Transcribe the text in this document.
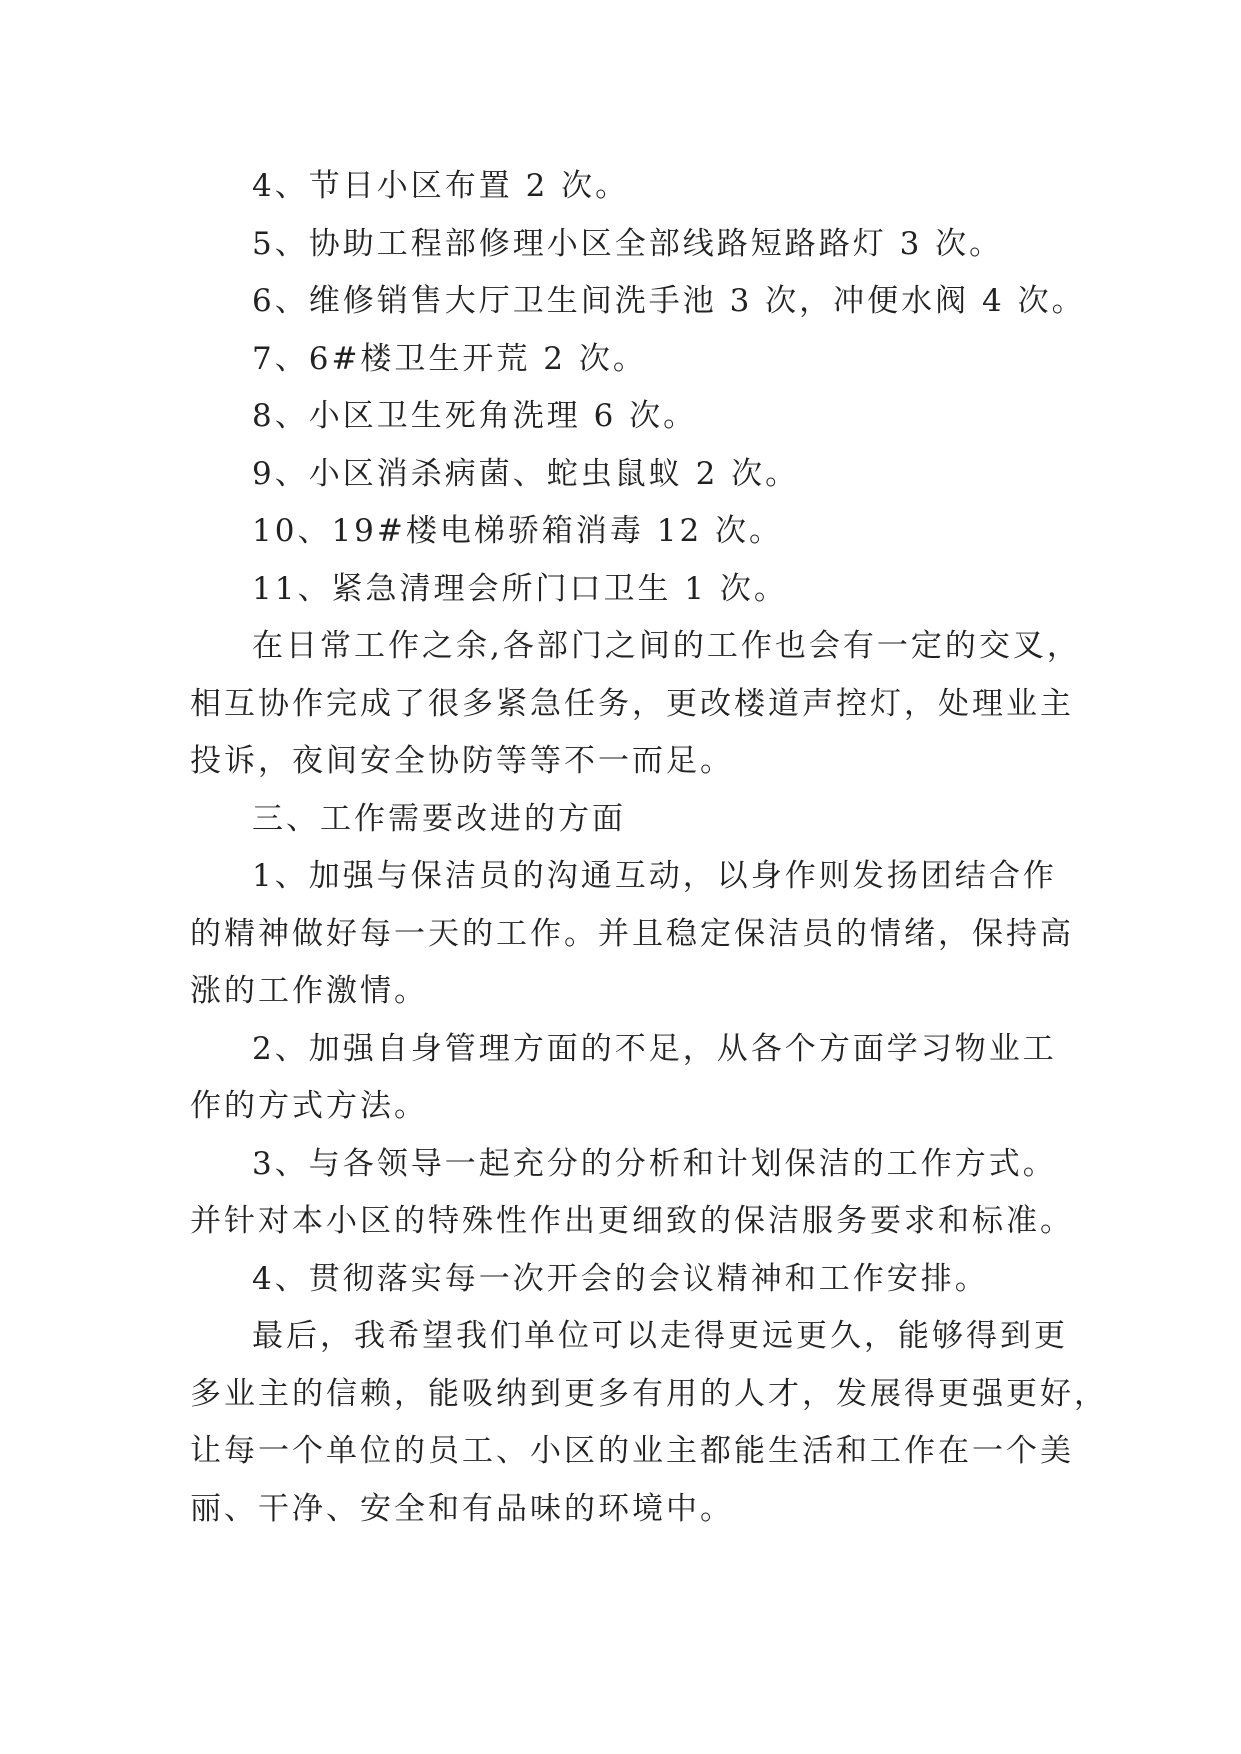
4、节日小区布置 2 次。
5、协助工程部修理小区全部线路短路路灯 3 次。
6、维修销售大厅卫生间洗手池 3 次，冲便水阀 4 次。
7、6#楼卫生开荒 2 次。
8、小区卫生死角洗理 6 次。
9、小区消杀病菌、蛇虫鼠蚁 2 次。
10、19#楼电梯骄箱消毒 12 次。
11、紧急清理会所门口卫生 1 次。
在日常工作之余,各部门之间的工作也会有一定的交叉，
相互协作完成了很多紧急任务，更改楼道声控灯，处理业主
投诉，夜间安全协防等等不一而足。
三、工作需要改进的方面
1、加强与保洁员的沟通互动，以身作则发扬团结合作
的精神做好每一天的工作。并且稳定保洁员的情绪，保持高
涨的工作激情。
2、加强自身管理方面的不足，从各个方面学习物业工
作的方式方法。
3、与各领导一起充分的分析和计划保洁的工作方式。
并针对本小区的特殊性作出更细致的保洁服务要求和标准。
4、贯彻落实每一次开会的会议精神和工作安排。
最后，我希望我们单位可以走得更远更久，能够得到更
多业主的信赖，能吸纳到更多有用的人才，发展得更强更好，
让每一个单位的员工、小区的业主都能生活和工作在一个美
丽、干净、安全和有品味的环境中。
